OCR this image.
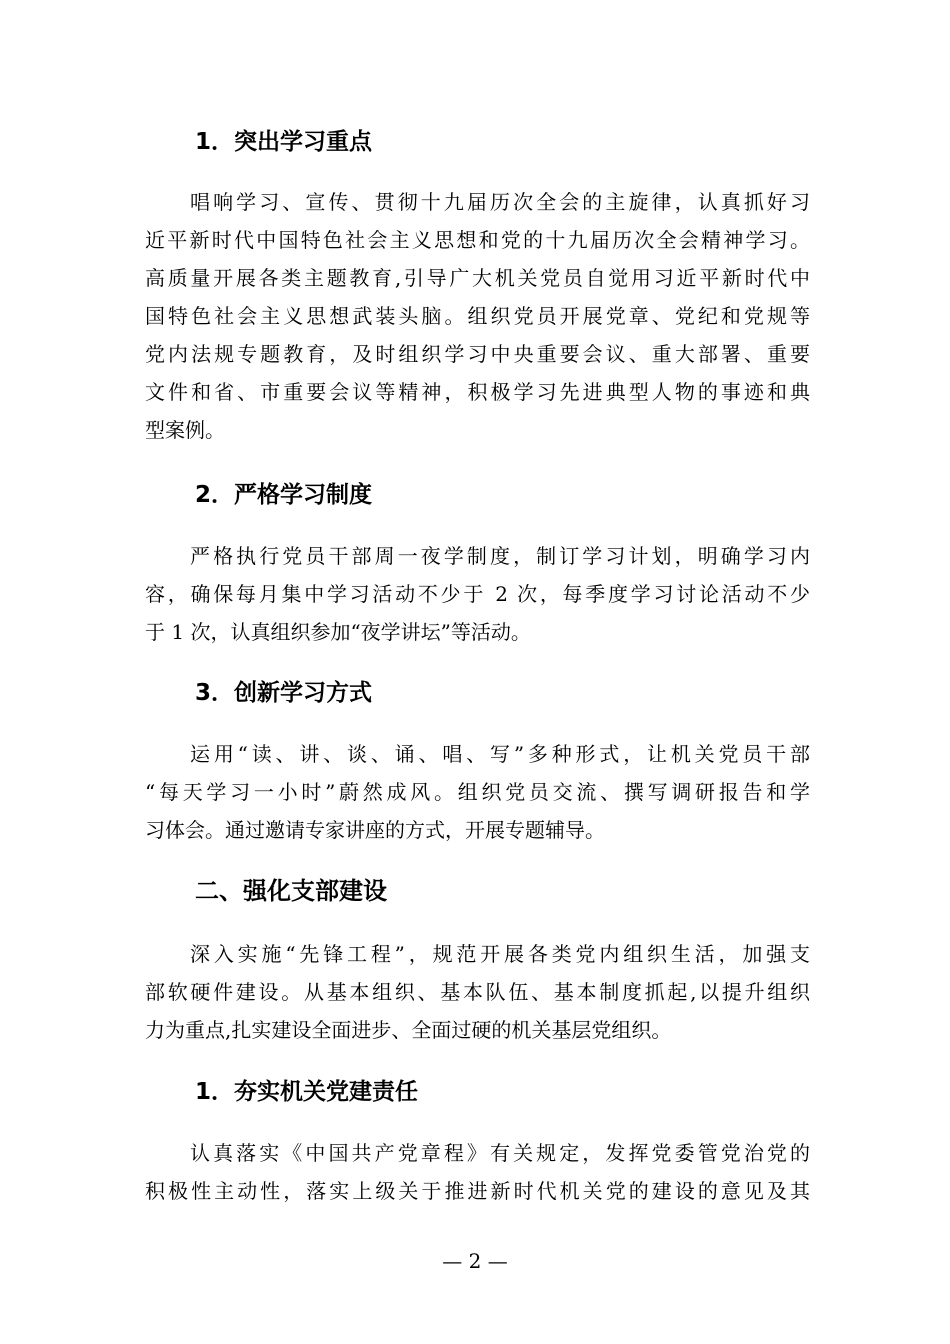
1．突出学习重点
唱响学习、宣传、贯彻十九届历次全会的主旋律，认真抓好习
近平新时代中国特色社会主义思想和党的十九届历次全会精神学习。
高质量开展各类主题教育,引导广大机关党员自觉用习近平新时代中
国特色社会主义思想武装头脑。组织党员开展党章、党纪和党规等
党内法规专题教育，及时组织学习中央重要会议、重大部署、重要
文件和省、市重要会议等精神，积极学习先进典型人物的事迹和典
型案例。
2．严格学习制度
严格执行党员干部周一夜学制度，制订学习计划，明确学习内
容，确保每月集中学习活动不少于 2 次，每季度学习讨论活动不少
于 1 次，认真组织参加“夜学讲坛”等活动。
3．创新学习方式
运用“读、讲、谈、诵、唱、写”多种形式，让机关党员干部
“每天学习一小时”蔚然成风。组织党员交流、撰写调研报告和学
习体会。通过邀请专家讲座的方式，开展专题辅导。
二、强化支部建设
深入实施“先锋工程”，规范开展各类党内组织生活，加强支
部软硬件建设。从基本组织、基本队伍、基本制度抓起,以提升组织
力为重点,扎实建设全面进步、全面过硬的机关基层党组织。
1．夯实机关党建责任
认真落实《中国共产党章程》有关规定，发挥党委管党治党的
积极性主动性，落实上级关于推进新时代机关党的建设的意见及其
— 2 —
